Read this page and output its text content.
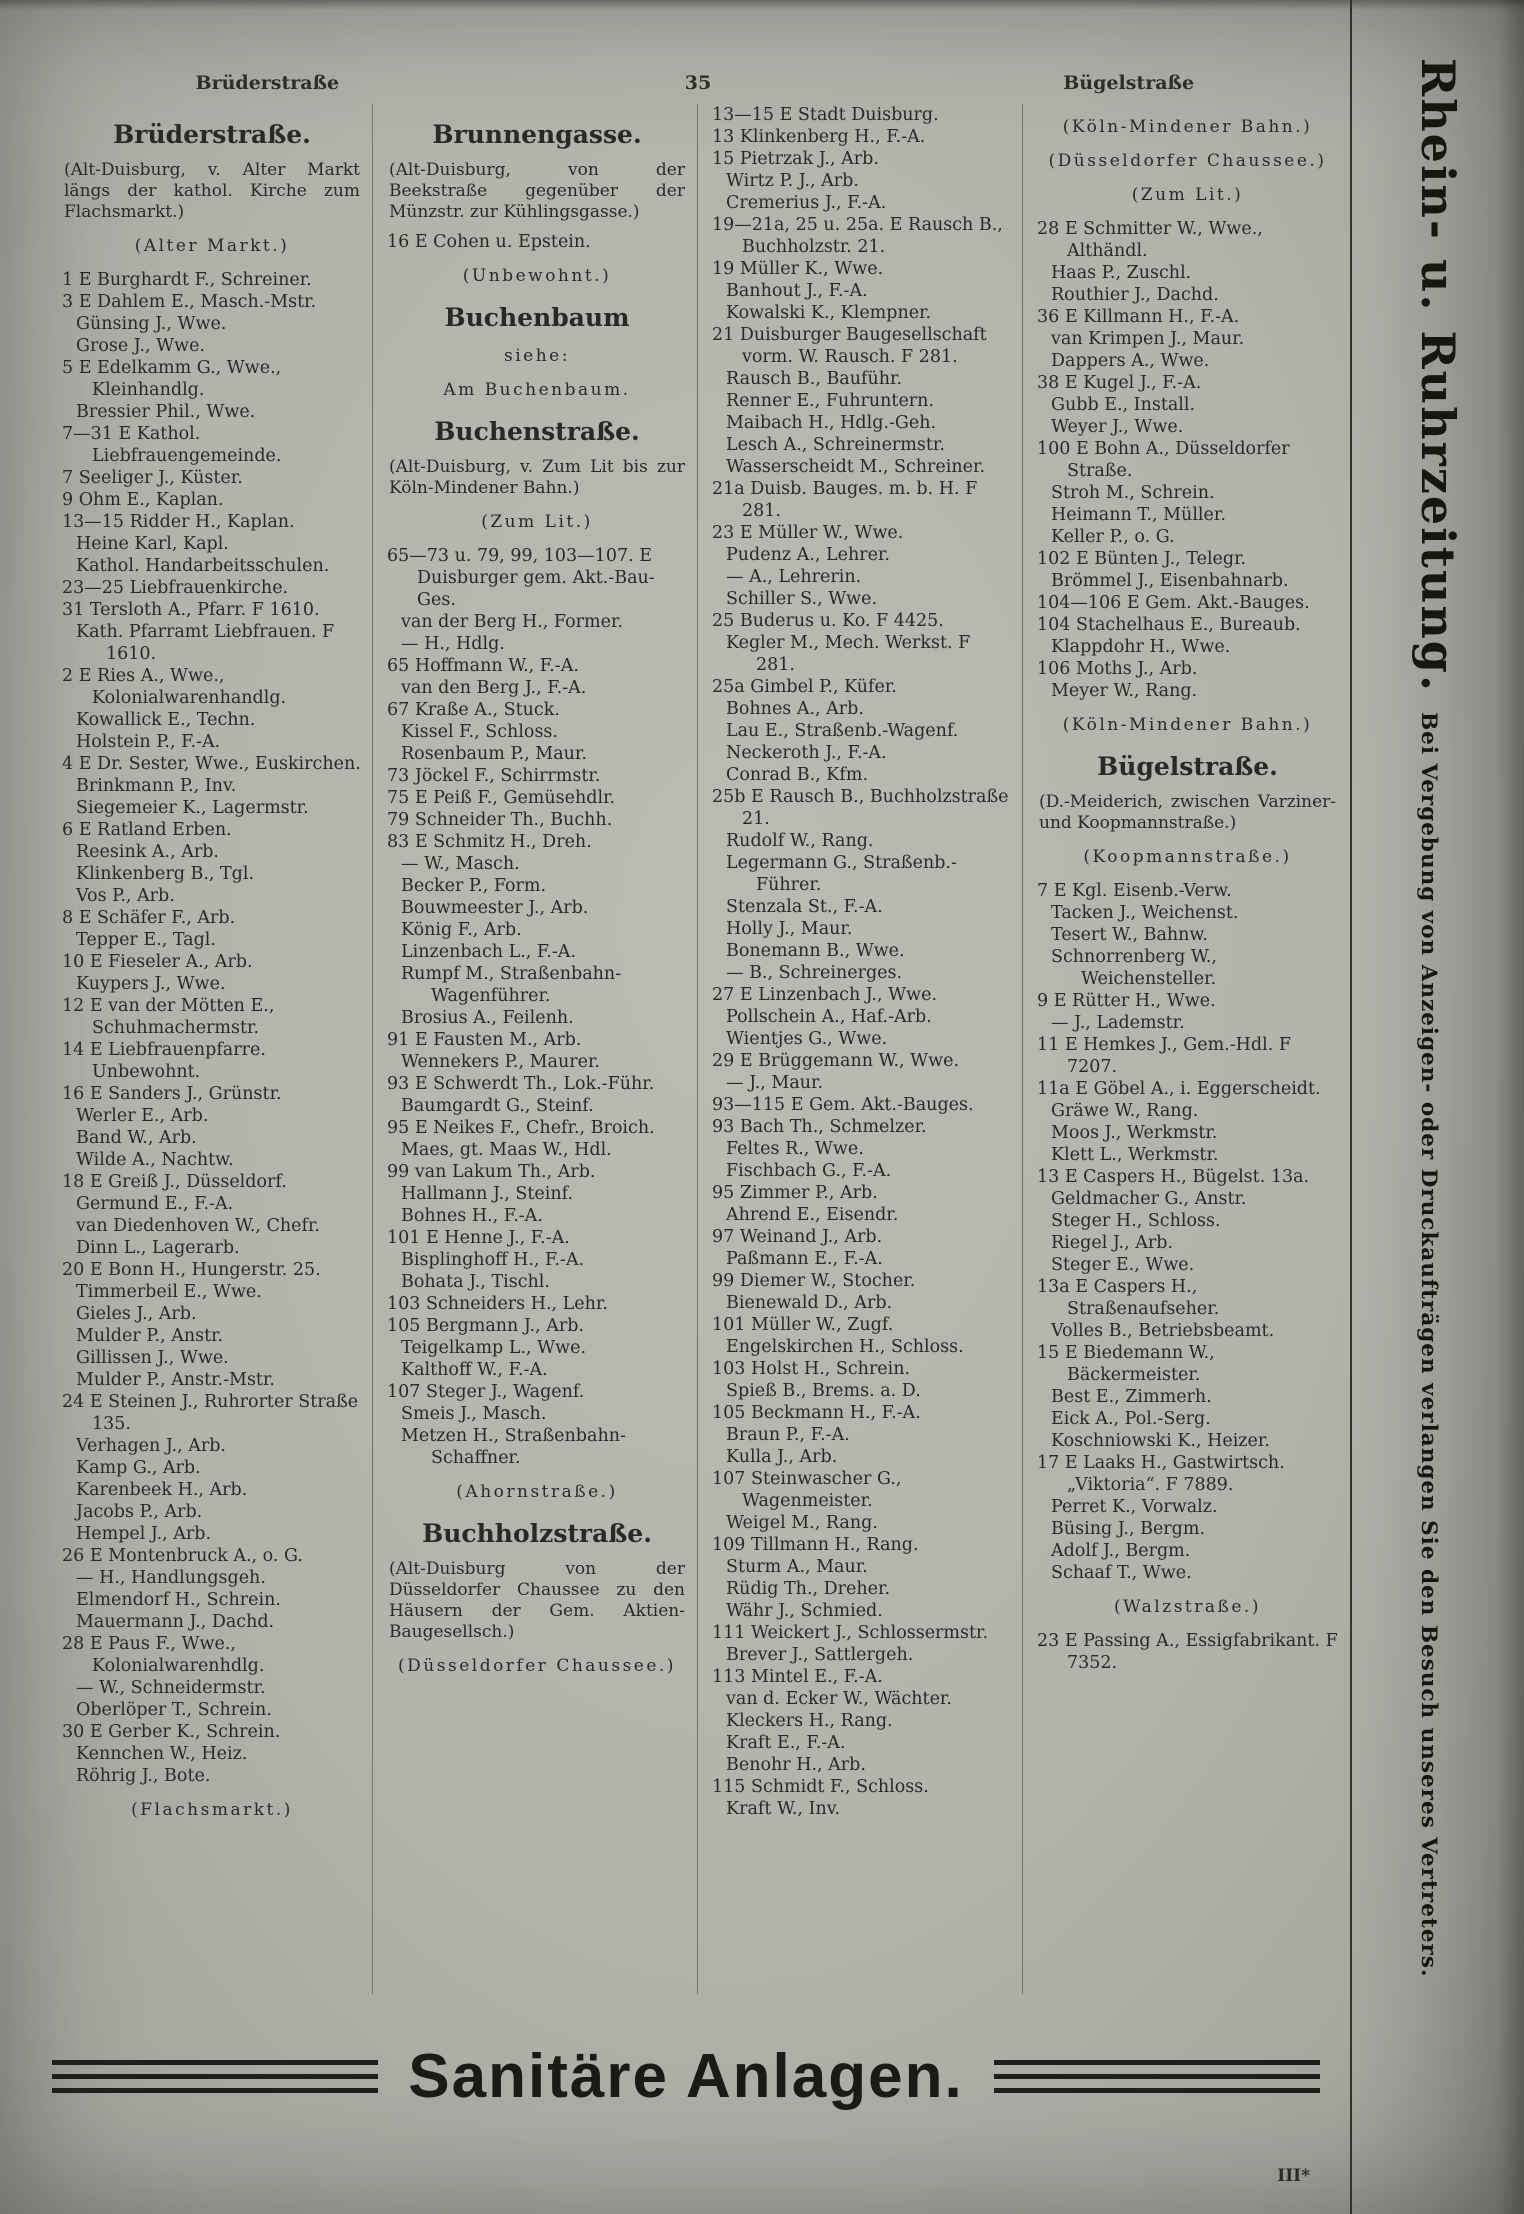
Brüderstraße	35	Bügelstraße
Brüderstraße.
(Alt-Duisburg, v. Alter Markt längs der kathol. Kirche zum Flachsmarkt.)
(Alter Markt.)
1 E Burghardt F., Schreiner.
3 E Dahlem E., Masch.-Mstr.
Günsing J., Wwe.
Grose J., Wwe.
5 E Edelkamm G., Wwe., Kleinhandlg.
Bressier Phil., Wwe.
7—31 E Kathol. Liebfrauengemeinde.
7 Seeliger J., Küster.
9 Ohm E., Kaplan.
13—15 Ridder H., Kaplan.
Heine Karl, Kapl.
Kathol. Handarbeitsschulen.
23—25 Liebfrauenkirche.
31 Tersloth A., Pfarr. F 1610.
Kath. Pfarramt Liebfrauen. F 1610.
2 E Ries A., Wwe., Kolonialwarenhandlg.
Kowallick E., Techn.
Holstein P., F.-A.
4 E Dr. Sester, Wwe., Euskirchen.
Brinkmann P., Inv.
Siegemeier K., Lagermstr.
6 E Ratland Erben.
Reesink A., Arb.
Klinkenberg B., Tgl.
Vos P., Arb.
8 E Schäfer F., Arb.
Tepper E., Tagl.
10 E Fieseler A., Arb.
Kuypers J., Wwe.
12 E van der Mötten E., Schuhmachermstr.
14 E Liebfrauenpfarre. Unbewohnt.
16 E Sanders J., Grünstr.
Werler E., Arb.
Band W., Arb.
Wilde A., Nachtw.
18 E Greiß J., Düsseldorf.
Germund E., F.-A.
van Diedenhoven W., Chefr.
Dinn L., Lagerarb.
20 E Bonn H., Hungerstr. 25.
Timmerbeil E., Wwe.
Gieles J., Arb.
Mulder P., Anstr.
Gillissen J., Wwe.
Mulder P., Anstr.-Mstr.
24 E Steinen J., Ruhrorter Straße 135.
Verhagen J., Arb.
Kamp G., Arb.
Karenbeek H., Arb.
Jacobs P., Arb.
Hempel J., Arb.
26 E Montenbruck A., o. G.
— H., Handlungsgeh.
Elmendorf H., Schrein.
Mauermann J., Dachd.
28 E Paus F., Wwe., Kolonialwarenhdlg.
— W., Schneidermstr.
Oberlöper T., Schrein.
30 E Gerber K., Schrein.
Kennchen W., Heiz.
Röhrig J., Bote.
(Flachsmarkt.)
Brunnengasse.
(Alt-Duisburg, von der Beekstraße gegenüber der Münzstr. zur Kühlingsgasse.)
16 E Cohen u. Epstein.
(Unbewohnt.)
Buchenbaum
siehe:
Am Buchenbaum.
Buchenstraße.
(Alt-Duisburg, v. Zum Lit bis zur Köln-Mindener Bahn.)
(Zum Lit.)
65—73 u. 79, 99, 103—107. E Duisburger gem. Akt.-Bau-Ges.
van der Berg H., Former.
— H., Hdlg.
65 Hoffmann W., F.-A.
van den Berg J., F.-A.
67 Kraße A., Stuck.
Kissel F., Schloss.
Rosenbaum P., Maur.
73 Jöckel F., Schirrmstr.
75 E Peiß F., Gemüsehdlr.
79 Schneider Th., Buchh.
83 E Schmitz H., Dreh.
— W., Masch.
Becker P., Form.
Bouwmeester J., Arb.
König F., Arb.
Linzenbach L., F.-A.
Rumpf M., Straßenbahn-Wagenführer.
Brosius A., Feilenh.
91 E Fausten M., Arb.
Wennekers P., Maurer.
93 E Schwerdt Th., Lok.-Führ.
Baumgardt G., Steinf.
95 E Neikes F., Chefr., Broich.
Maes, gt. Maas W., Hdl.
99 van Lakum Th., Arb.
Hallmann J., Steinf.
Bohnes H., F.-A.
101 E Henne J., F.-A.
Bisplinghoff H., F.-A.
Bohata J., Tischl.
103 Schneiders H., Lehr.
105 Bergmann J., Arb.
Teigelkamp L., Wwe.
Kalthoff W., F.-A.
107 Steger J., Wagenf.
Smeis J., Masch.
Metzen H., Straßenbahn-Schaffner.
(Ahornstraße.)
Buchholzstraße.
(Alt-Duisburg von der Düsseldorfer Chaussee zu den Häusern der Gem. Aktien-Baugesellsch.)
(Düsseldorfer Chaussee.)
13—15 E Stadt Duisburg.
13 Klinkenberg H., F.-A.
15 Pietrzak J., Arb.
Wirtz P. J., Arb.
Cremerius J., F.-A.
19—21a, 25 u. 25a. E Rausch B., Buchholzstr. 21.
19 Müller K., Wwe.
Banhout J., F.-A.
Kowalski K., Klempner.
21 Duisburger Baugesellschaft vorm. W. Rausch. F 281.
Rausch B., Bauführ.
Renner E., Fuhruntern.
Maibach H., Hdlg.-Geh.
Lesch A., Schreinermstr.
Wasserscheidt M., Schreiner.
21a Duisb. Bauges. m. b. H. F 281.
23 E Müller W., Wwe.
Pudenz A., Lehrer.
— A., Lehrerin.
Schiller S., Wwe.
25 Buderus u. Ko. F 4425.
Kegler M., Mech. Werkst. F 281.
25a Gimbel P., Küfer.
Bohnes A., Arb.
Lau E., Straßenb.-Wagenf.
Neckeroth J., F.-A.
Conrad B., Kfm.
25b E Rausch B., Buchholzstraße 21.
Rudolf W., Rang.
Legermann G., Straßenb.-Führer.
Stenzala St., F.-A.
Holly J., Maur.
Bonemann B., Wwe.
— B., Schreinerges.
27 E Linzenbach J., Wwe.
Pollschein A., Haf.-Arb.
Wientjes G., Wwe.
29 E Brüggemann W., Wwe.
— J., Maur.
93—115 E Gem. Akt.-Bauges.
93 Bach Th., Schmelzer.
Feltes R., Wwe.
Fischbach G., F.-A.
95 Zimmer P., Arb.
Ahrend E., Eisendr.
97 Weinand J., Arb.
Paßmann E., F.-A.
99 Diemer W., Stocher.
Bienewald D., Arb.
101 Müller W., Zugf.
Engelskirchen H., Schloss.
103 Holst H., Schrein.
Spieß B., Brems. a. D.
105 Beckmann H., F.-A.
Braun P., F.-A.
Kulla J., Arb.
107 Steinwascher G., Wagenmeister.
Weigel M., Rang.
109 Tillmann H., Rang.
Sturm A., Maur.
Rüdig Th., Dreher.
Währ J., Schmied.
111 Weickert J., Schlossermstr.
Brever J., Sattlergeh.
113 Mintel E., F.-A.
van d. Ecker W., Wächter.
Kleckers H., Rang.
Kraft E., F.-A.
Benohr H., Arb.
115 Schmidt F., Schloss.
Kraft W., Inv.
(Köln-Mindener Bahn.)
(Düsseldorfer Chaussee.)
(Zum Lit.)
28 E Schmitter W., Wwe., Althändl.
Haas P., Zuschl.
Routhier J., Dachd.
36 E Killmann H., F.-A.
van Krimpen J., Maur.
Dappers A., Wwe.
38 E Kugel J., F.-A.
Gubb E., Install.
Weyer J., Wwe.
100 E Bohn A., Düsseldorfer Straße.
Stroh M., Schrein.
Heimann T., Müller.
Keller P., o. G.
102 E Bünten J., Telegr.
Brömmel J., Eisenbahnarb.
104—106 E Gem. Akt.-Bauges.
104 Stachelhaus E., Bureaub.
Klappdohr H., Wwe.
106 Moths J., Arb.
Meyer W., Rang.
(Köln-Mindener Bahn.)
Bügelstraße.
(D.-Meiderich, zwischen Varziner- und Koopmannstraße.)
(Koopmannstraße.)
7 E Kgl. Eisenb.-Verw.
Tacken J., Weichenst.
Tesert W., Bahnw.
Schnorrenberg W., Weichensteller.
9 E Rütter H., Wwe.
— J., Lademstr.
11 E Hemkes J., Gem.-Hdl. F 7207.
11a E Göbel A., i. Eggerscheidt.
Gräwe W., Rang.
Moos J., Werkmstr.
Klett L., Werkmstr.
13 E Caspers H., Bügelst. 13a.
Geldmacher G., Anstr.
Steger H., Schloss.
Riegel J., Arb.
Steger E., Wwe.
13a E Caspers H., Straßenaufseher.
Volles B., Betriebsbeamt.
15 E Biedemann W., Bäckermeister.
Best E., Zimmerh.
Eick A., Pol.-Serg.
Koschniowski K., Heizer.
17 E Laaks H., Gastwirtsch. „Viktoria“. F 7889.
Perret K., Vorwalz.
Büsing J., Bergm.
Adolf J., Bergm.
Schaaf T., Wwe.
(Walzstraße.)
23 E Passing A., Essigfabrikant. F 7352.
Rhein- u. Ruhrzeitung. Bei Vergebung von Anzeigen- oder Druckaufträgen verlangen Sie den Besuch unseres Vertreters.
Sanitäre Anlagen.
III*
